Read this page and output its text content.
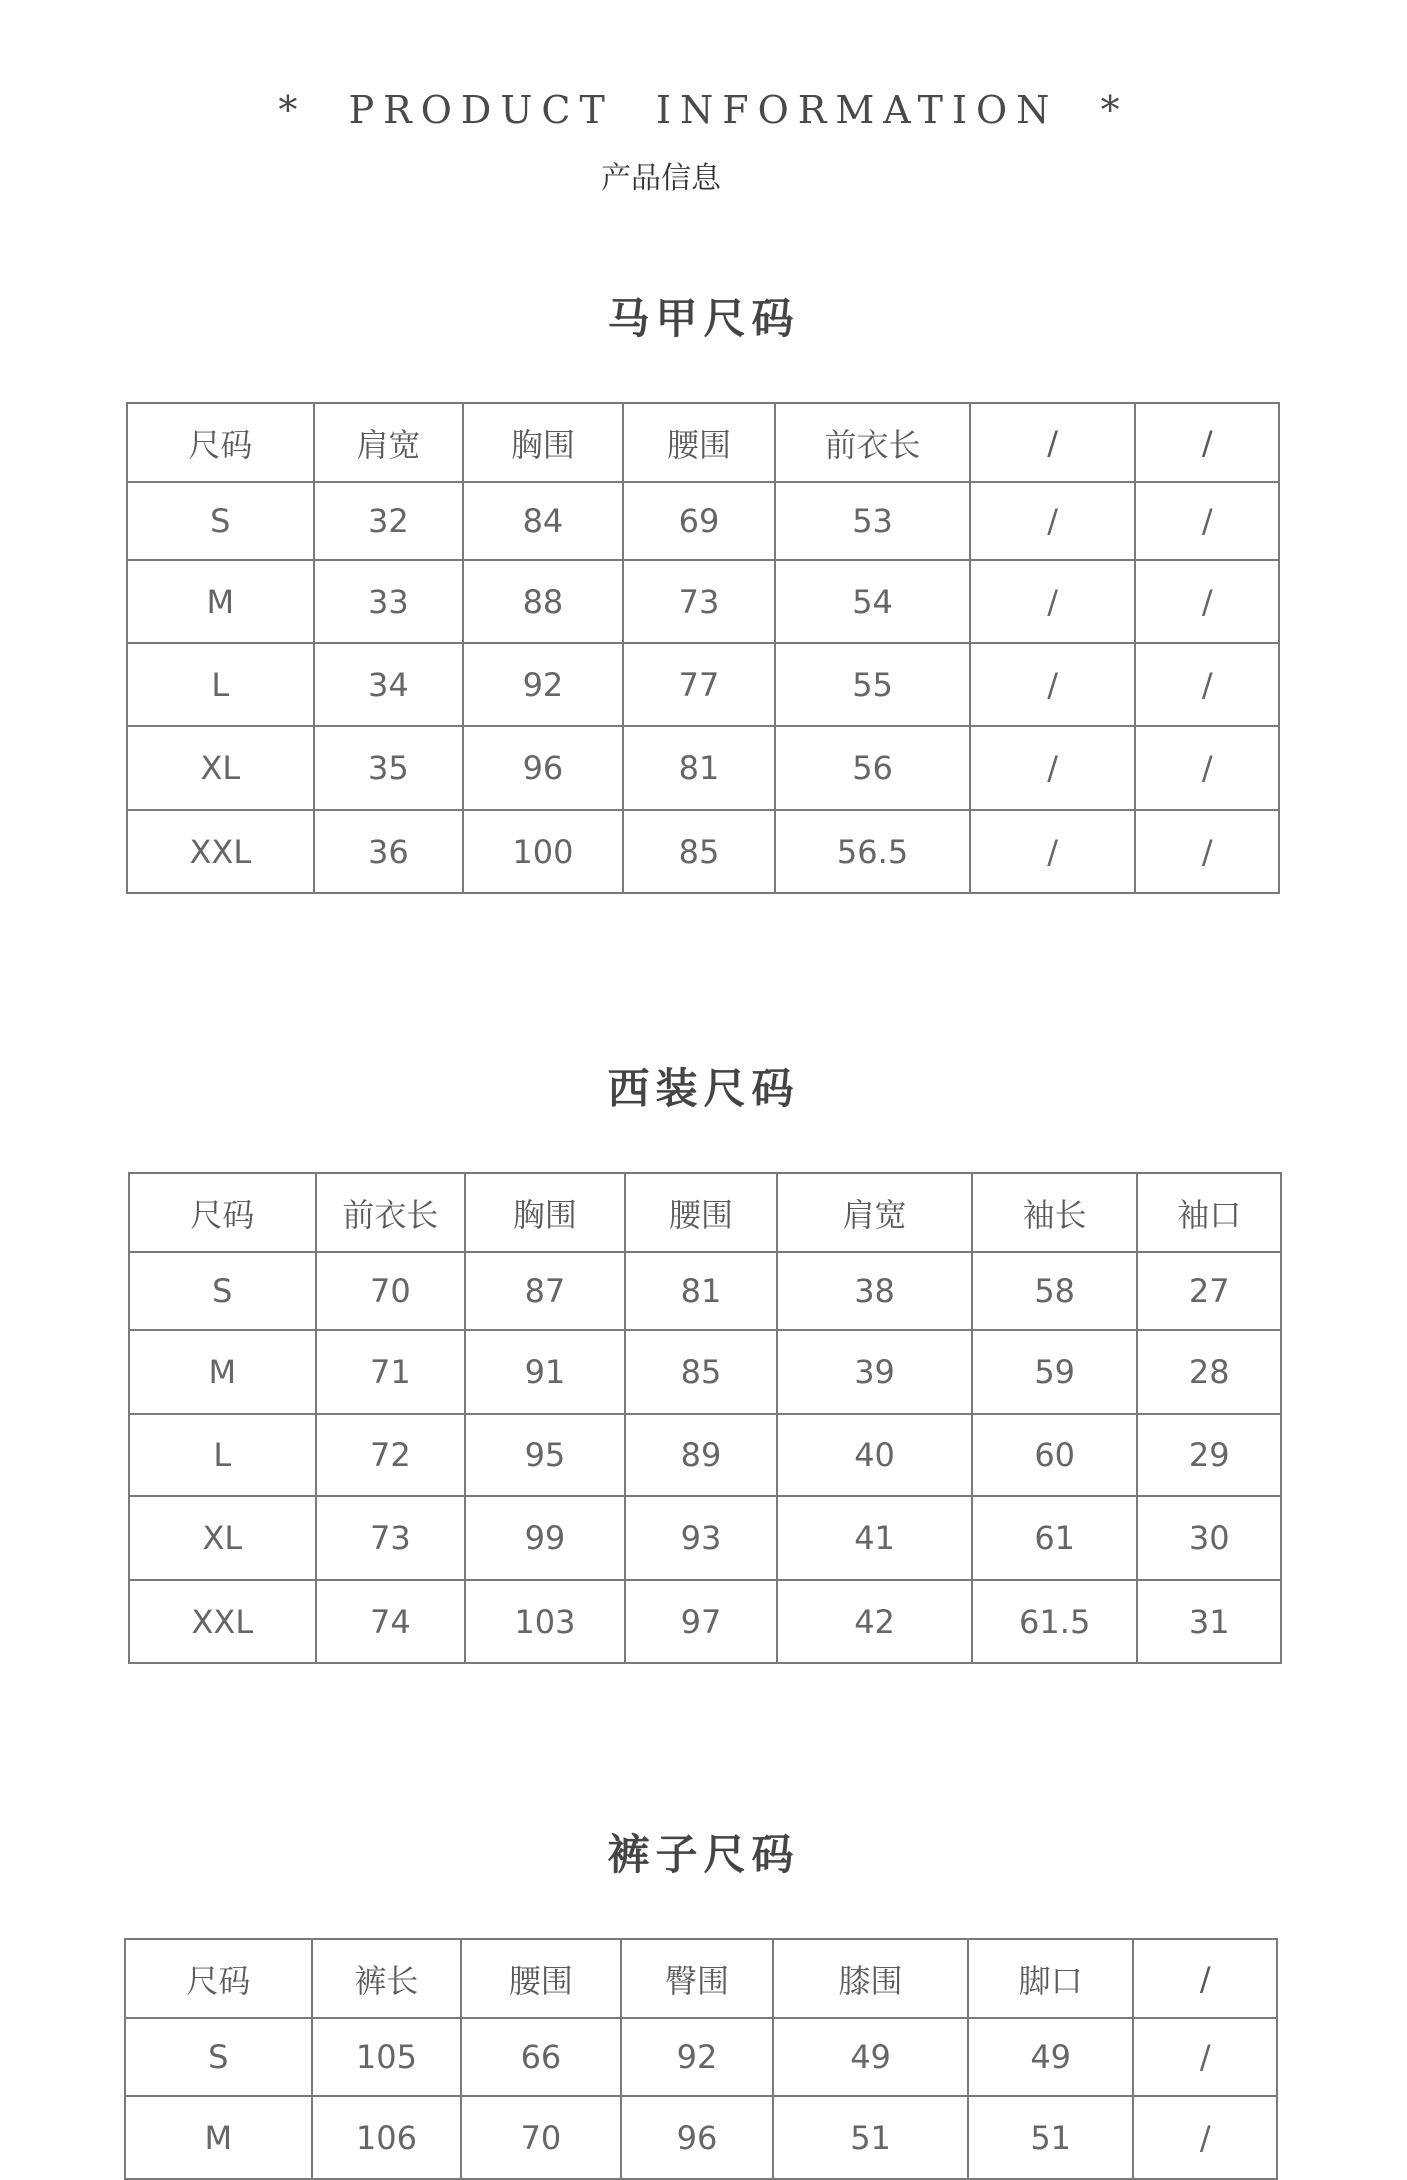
*  PRODUCT  INFORMATION  *
产品信息
马甲尺码
尺码	肩宽	胸围	腰围	前衣长	/	/
S	32	84	69	53	/	/
M	33	88	73	54	/	/
L	34	92	77	55	/	/
XL	35	96	81	56	/	/
XXL	36	100	85	56.5	/	/
西装尺码
尺码	前衣长	胸围	腰围	肩宽	袖长	袖口
S	70	87	81	38	58	27
M	71	91	85	39	59	28
L	72	95	89	40	60	29
XL	73	99	93	41	61	30
XXL	74	103	97	42	61.5	31
裤子尺码
尺码	裤长	腰围	臀围	膝围	脚口	/
S	105	66	92	49	49	/
M	106	70	96	51	51	/
